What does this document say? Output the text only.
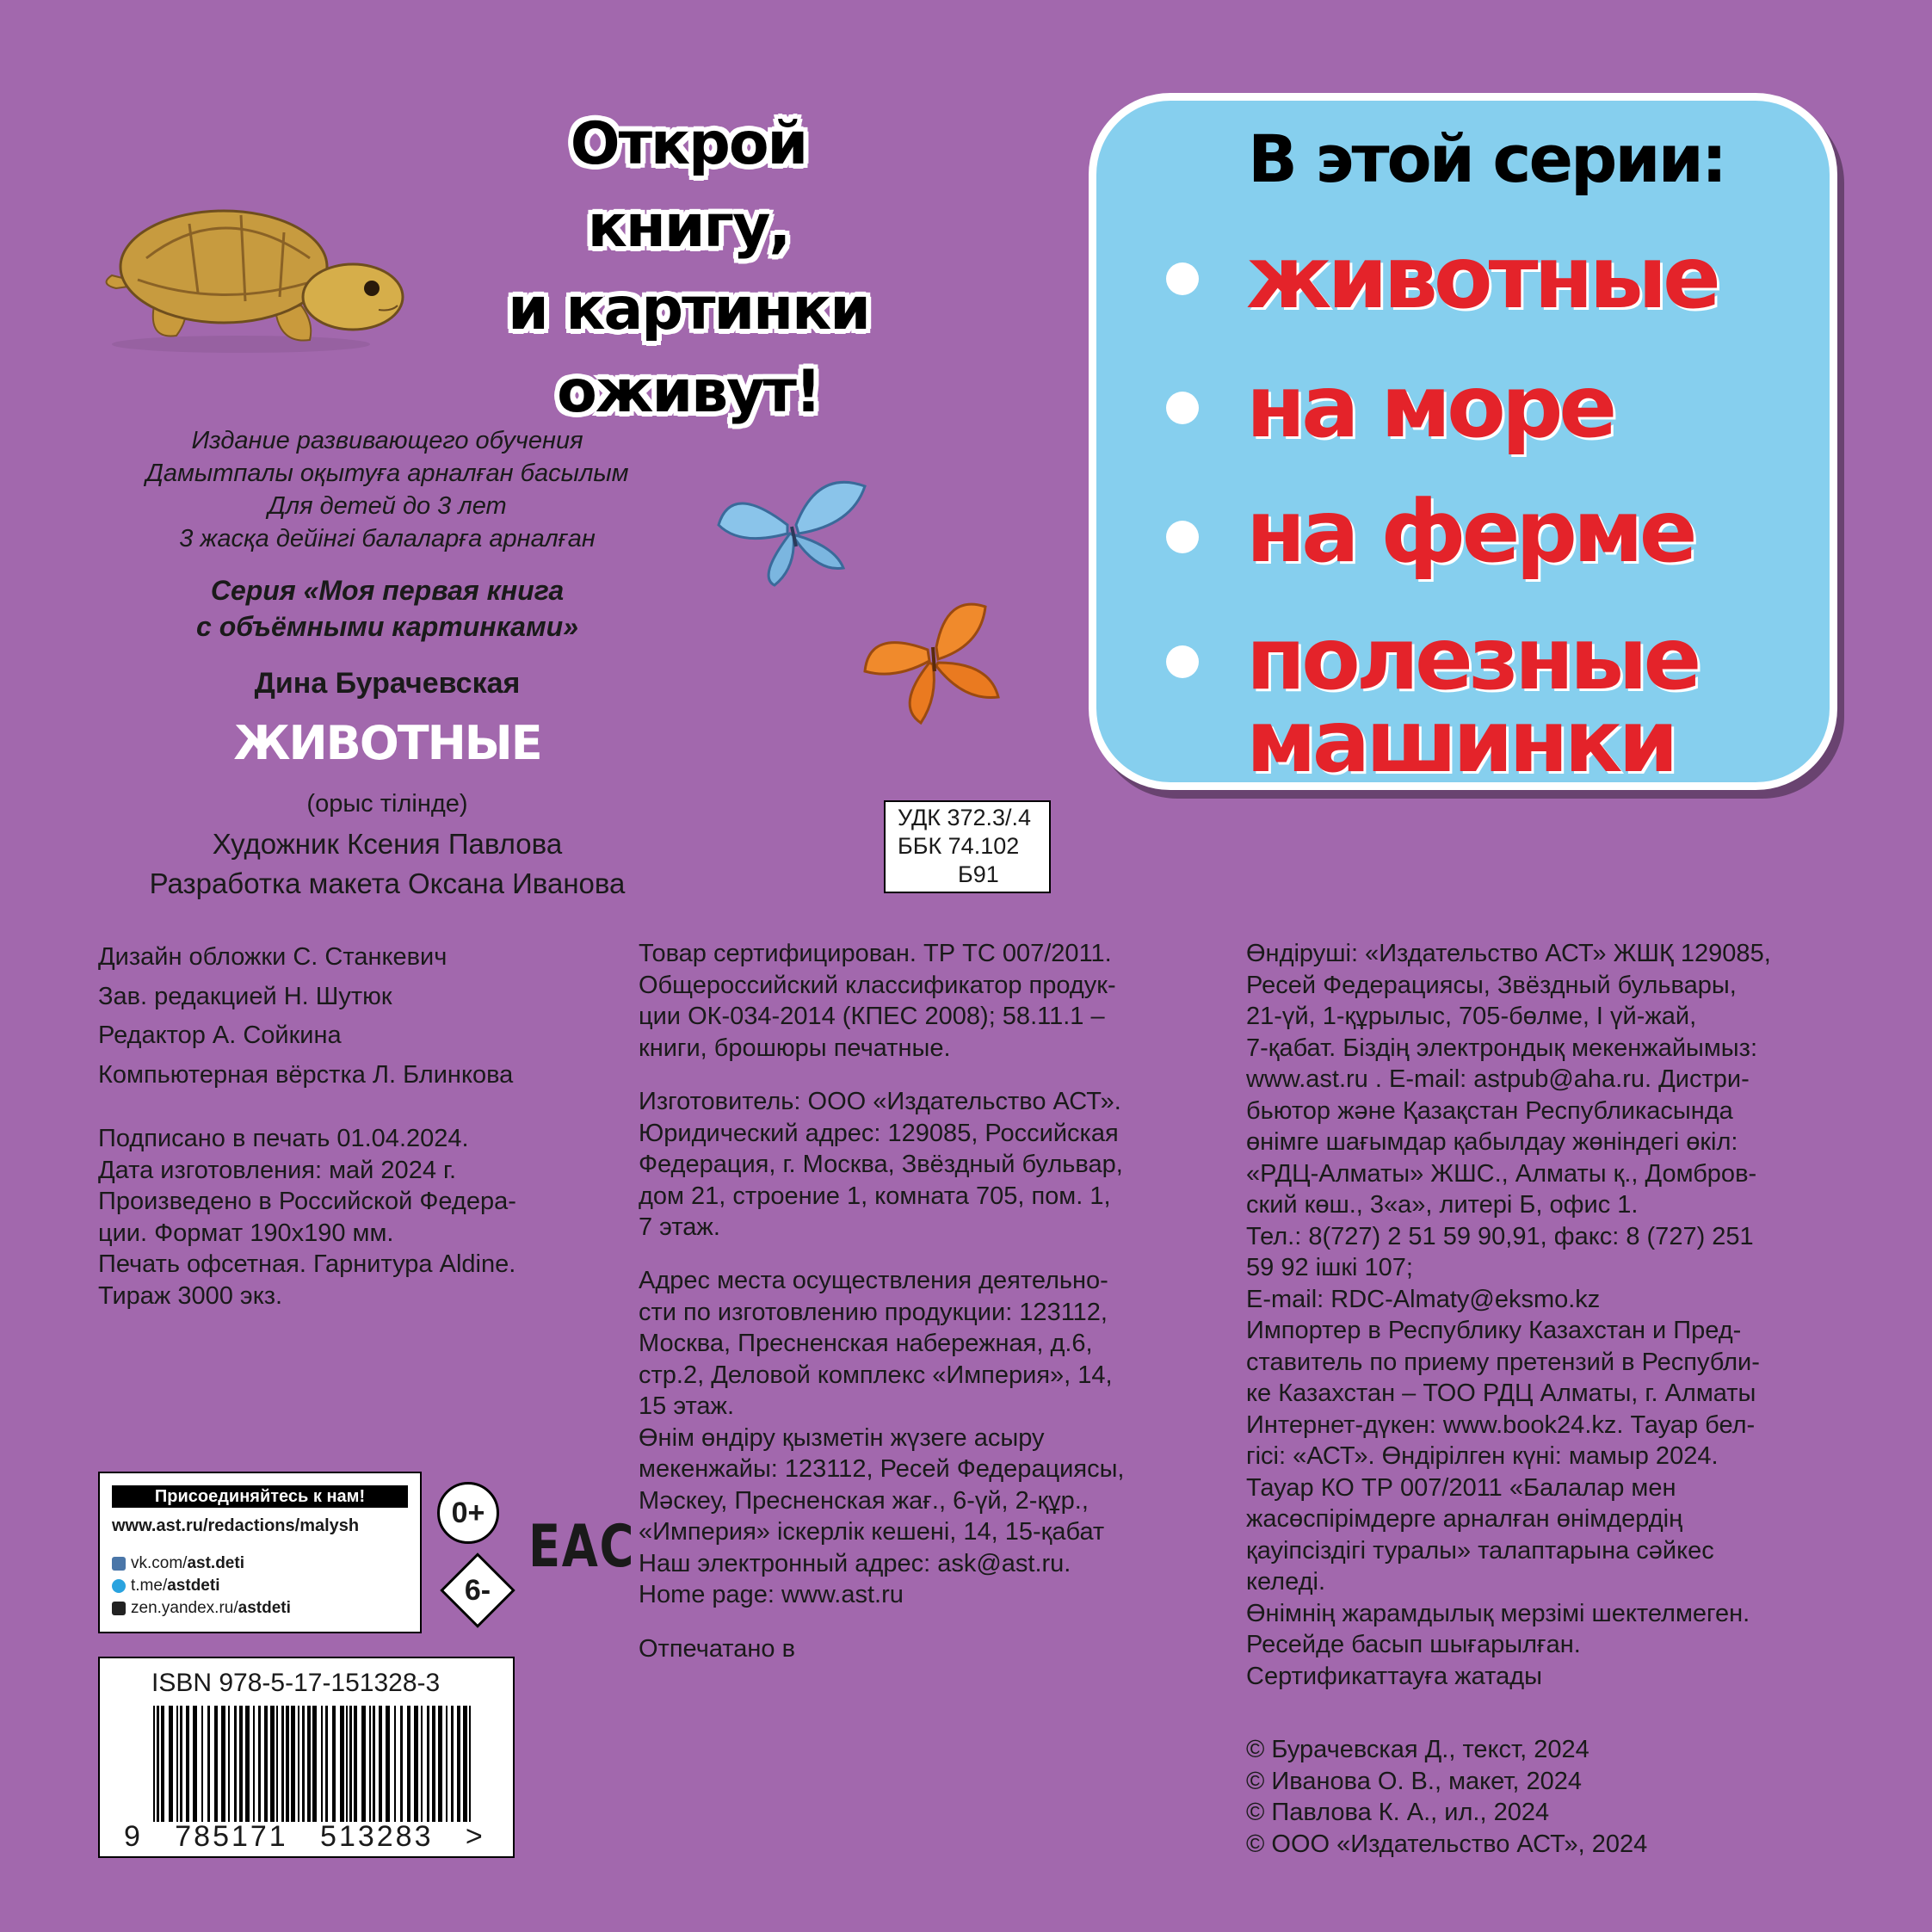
Открой книгу,
и картинки
оживут!
В этой серии:
животные
на море
на ферме
полезные
машинки
Издание развивающего обучения
Дамытпалы оқытуға арналған басылым
Для детей до 3 лет
3 жасқа дейінгі балаларға арналған
Серия «Моя первая книга
с объёмными картинками»
Дина Бурачевская
ЖИВОТНЫЕ
(орыс тілінде)
Художник Ксения Павлова
Разработка макета Оксана Иванова
УДК 372.3/.4
ББК 74.102
Б91
Дизайн обложки С. Станкевич
Зав. редакцией Н. Шутюк
Редактор А. Сойкина
Компьютерная вёрстка Л. Блинкова
Подписано в печать 01.04.2024.
Дата изготовления: май 2024 г.
Произведено в Российской Федера-
ции. Формат 190х190 мм.
Печать офсетная. Гарнитура Aldine.
Тираж 3000 экз.
Товар сертифицирован. ТР ТС 007/2011.
Общероссийский классификатор продук-
ции ОК-034-2014 (КПЕС 2008); 58.11.1 –
книги, брошюры печатные.
Изготовитель: ООО «Издательство АСТ».
Юридический адрес: 129085, Российская
Федерация, г. Москва, Звёздный бульвар,
дом 21, строение 1, комната 705, пом. 1,
7 этаж.
Адрес места осуществления деятельно-
сти по изготовлению продукции: 123112,
Москва, Пресненская набережная, д.6,
стр.2, Деловой комплекс «Империя», 14,
15 этаж.
Өнім өндіру қызметін жүзеге асыру
мекенжайы: 123112, Ресей Федерациясы,
Мәскеу, Пресненская жағ., 6-үй, 2-құр.,
«Империя» іскерлік кешені, 14, 15-қабат
Наш электронный адрес: ask@ast.ru.
Home page: www.ast.ru
Отпечатано в
Өндіруші: «Издательство АСТ» ЖШҚ 129085,
Ресей Федерациясы, Звёздный бульвары,
21-үй, 1-құрылыс, 705-бөлме, I үй-жай,
7-қабат. Біздің электрондық мекенжайымыз:
www.ast.ru . E-mail: astpub@aha.ru. Дистри-
бьютор және Қазақстан Республикасында
өнімге шағымдар қабылдау жөніндегі өкіл:
«РДЦ-Алматы» ЖШС., Алматы қ., Домбров-
ский көш., 3«а», литері Б, офис 1.
Тел.: 8(727) 2 51 59 90,91, факс: 8 (727) 251
59 92 ішкі 107;
E-mail: RDC-Almaty@eksmo.kz
Импортер в Республику Казахстан и Пред-
ставитель по приему претензий в Республи-
ке Казахстан – ТОО РДЦ Алматы, г. Алматы
Интернет-дүкен: www.book24.kz. Тауар бел-
гісі: «АСТ». Өндірілген күні: мамыр 2024.
Тауар КО ТР 007/2011 «Балалар мен
жасөспірімдерге арналған өнімдердің
қауіпсіздігі туралы» талаптарына сәйкес
келеді.
Өнімнің жарамдылық мерзімі шектелмеген.
Ресейде басып шығарылған.
Сертификаттауға жатады
© Бурачевская Д., текст, 2024
© Иванова О. В., макет, 2024
© Павлова К. А., ил., 2024
© ООО «Издательство АСТ», 2024
Присоединяйтесь к нам!
www.ast.ru/redactions/malysh
vk.com/ast.deti
t.me/astdeti
zen.yandex.ru/astdeti
0+
6-
ЕАС
ISBN 978-5-17-151328-3
9   785171   513283   >
